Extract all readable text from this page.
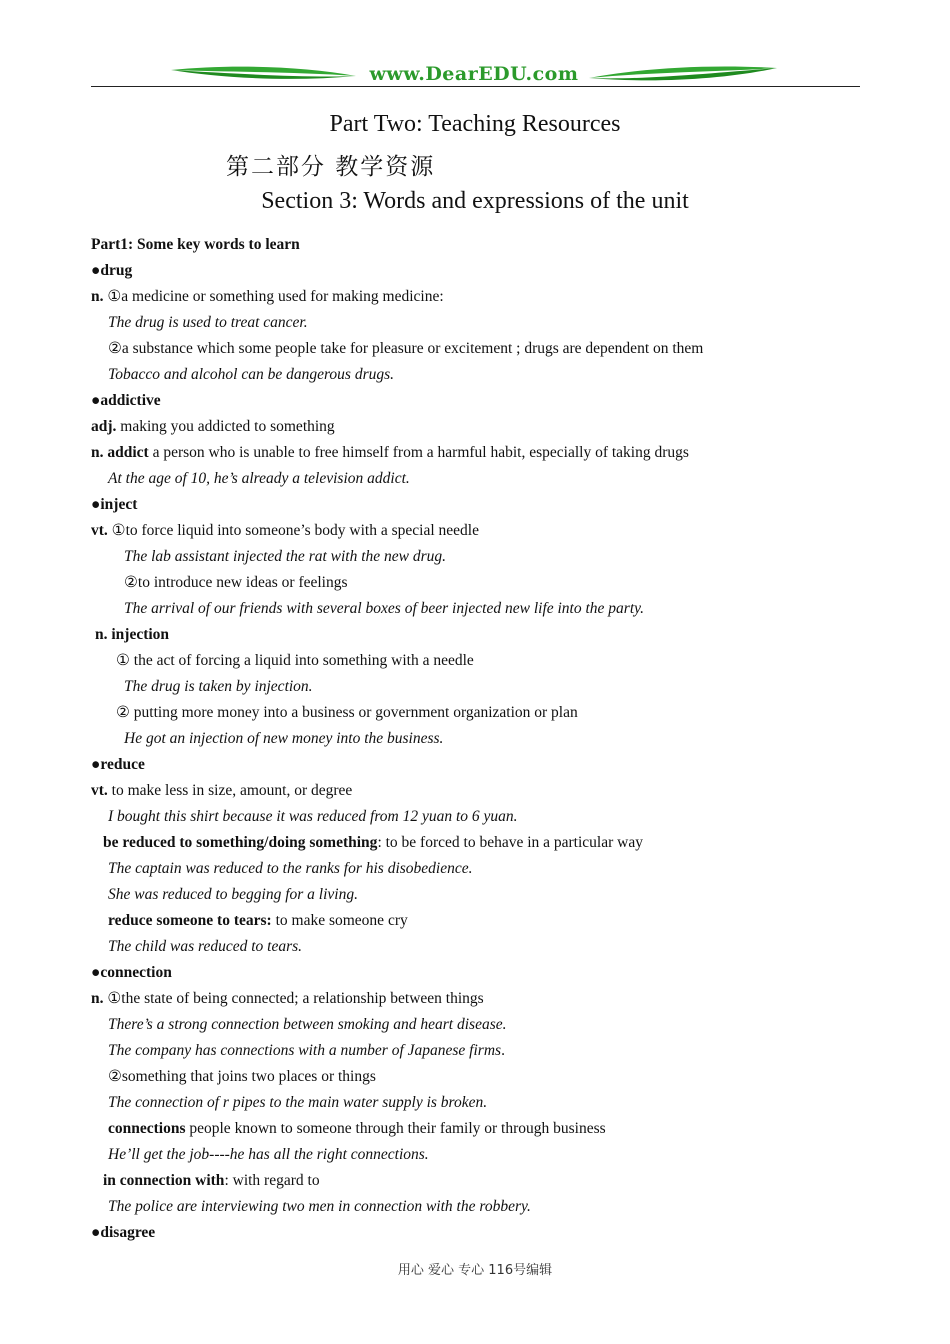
www.DearEDU.com
Part Two: Teaching Resources
第二部分 教学资源
Section 3: Words and expressions of the unit
Part1: Some key words to learn
●drug
n. ①a medicine or something used for making medicine:
The drug is used to treat cancer.
②a substance which some people take for pleasure or excitement ; drugs are dependent on them
Tobacco and alcohol can be dangerous drugs.
●addictive
adj. making you addicted to something
n. addict a person who is unable to free himself from a harmful habit, especially of taking drugs
At the age of 10, he’s already a television addict.
●inject
vt. ①to force liquid into someone’s body with a special needle
The lab assistant injected the rat with the new drug.
②to introduce new ideas or feelings
The arrival of our friends with several boxes of beer injected new life into the party.
n. injection
① the act of forcing a liquid into something with a needle
The drug is taken by injection.
② putting more money into a business or government organization or plan
He got an injection of new money into the business.
●reduce
vt. to make less in size, amount, or degree
I bought this shirt because it was reduced from 12 yuan to 6 yuan.
be reduced to something/doing something: to be forced to behave in a particular way
The captain was reduced to the ranks for his disobedience.
She was reduced to begging for a living.
reduce someone to tears: to make someone cry
The child was reduced to tears.
●connection
n. ①the state of being connected; a relationship between things
There’s a strong connection between smoking and heart disease.
The company has connections with a number of Japanese firms.
②something that joins two places or things
The connection of r pipes to the main water supply is broken.
connections people known to someone through their family or through business
He’ll get the job----he has all the right connections.
in connection with: with regard to
The police are interviewing two men in connection with the robbery.
●disagree
用心 爱心 专心 116号编辑
